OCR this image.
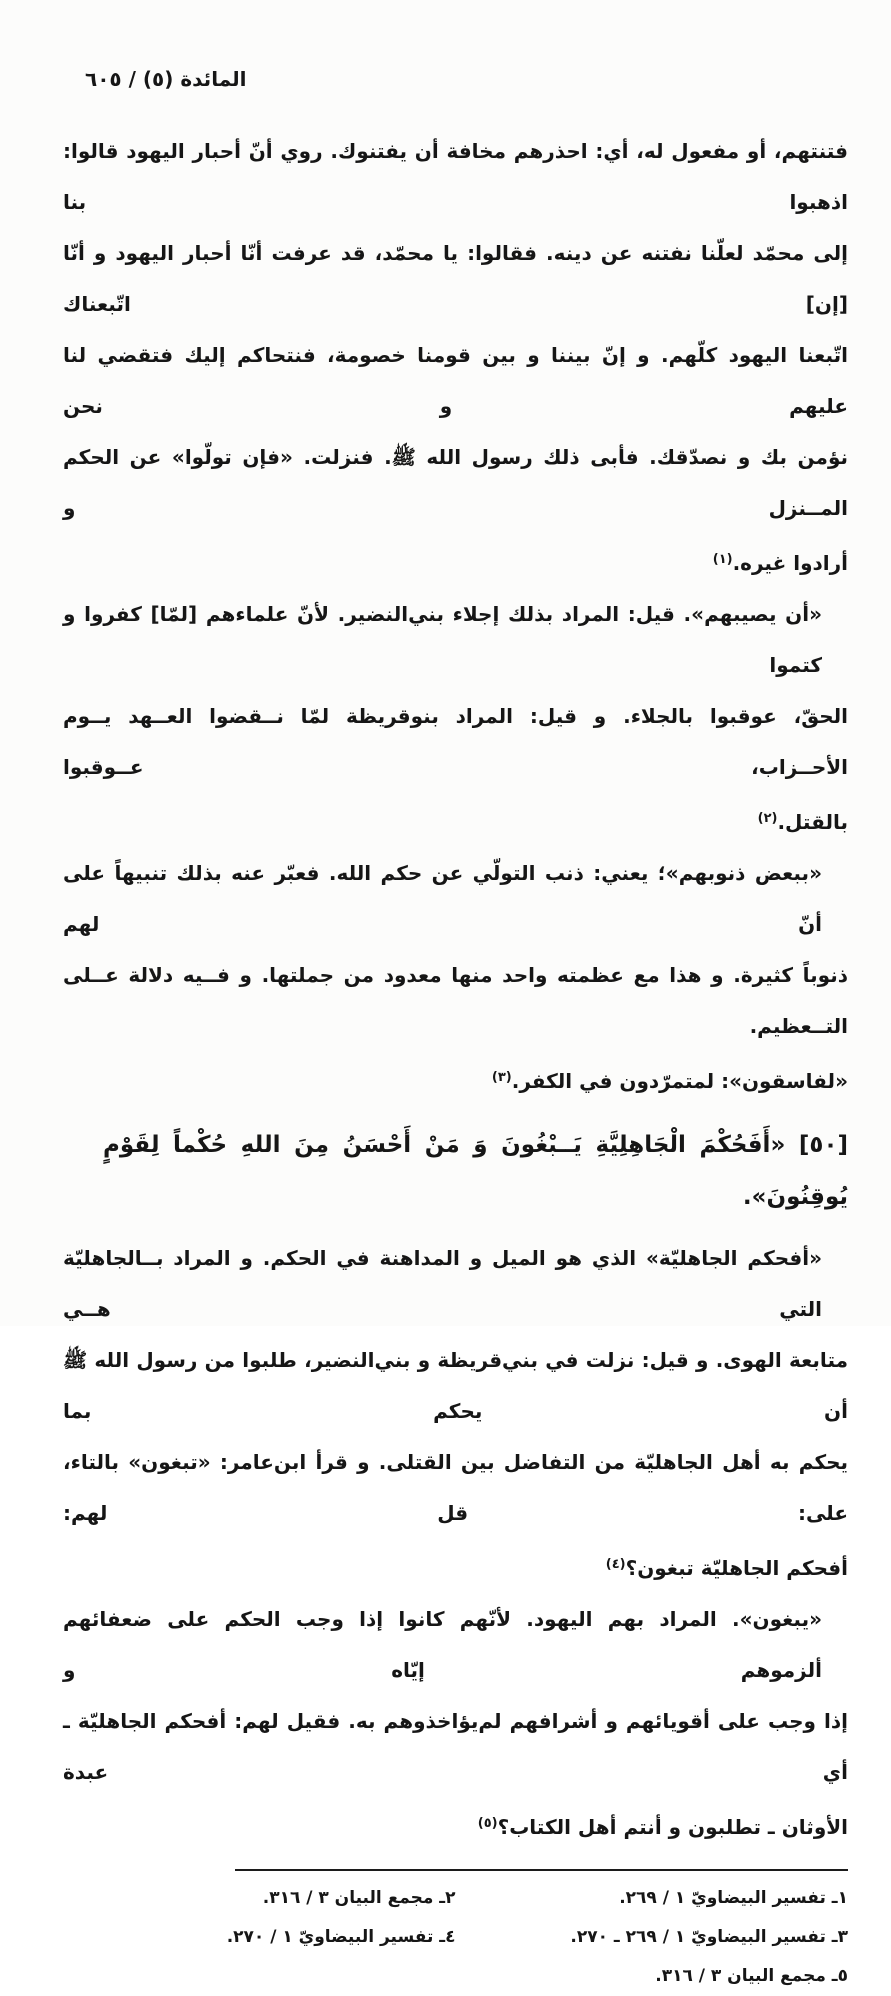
المائدة (٥) / ٦٠٥
فتنتهم، أو مفعول له، أي: احذرهم مخافة أن يفتنوك. روي أنّ أحبار اليهود قالوا: اذهبوا بنا
إلى محمّد لعلّنا نفتنه عن دينه. فقالوا: يا محمّد، قد عرفت أنّا أحبار اليهود و أنّا [إن] اتّبعناك
اتّبعنا اليهود كلّهم. و إنّ بيننا و بين قومنا خصومة، فنتحاكم إليك فتقضي لنا عليهم و نحن
نؤمن بك و نصدّقك. فأبى ذلك رسول الله ﷺ. فنزلت. «فإن تولّوا» عن الحكم المــنزل و
أرادوا غيره.$^{(١)}$
«أن يصيبهم». قيل: المراد بذلك إجلاء بني‌النضير. لأنّ علماءهم [لمّا] كفروا و كتموا
الحقّ، عوقبوا بالجلاء. و قيل: المراد بنوقريظة لمّا نــقضوا العــهد يــوم الأحــزاب، عــوقبوا
بالقتل.$^{(٢)}$
«ببعض ذنوبهم»؛ يعني: ذنب التولّي عن حكم الله. فعبّر عنه بذلك تنبيهاً على أنّ لهم
ذنوباً كثيرة. و هذا مع عظمته واحد منها معدود من جملتها. و فــيه دلالة عــلى التــعظيم.
«لفاسقون»: لمتمرّدون في الكفر.$^{(٣)}$
[٥٠] «أَفَحُكْمَ الْجَاهِلِيَّةِ يَــبْغُونَ وَ مَنْ أَحْسَنُ مِنَ اللهِ حُكْماً لِقَوْمٍ يُوقِنُونَ».
«أفحكم الجاهليّة» الذي هو الميل و المداهنة في الحكم. و المراد بــالجاهليّة التي هــي
متابعة الهوى. و قيل: نزلت في بني‌قريظة و بني‌النضير، طلبوا من رسول الله ﷺ أن يحكم بما
يحكم به أهل الجاهليّة من التفاضل بين القتلى. و قرأ ابن‌عامر: «تبغون» بالتاء، على: قل لهم:
أفحكم الجاهليّة تبغون؟$^{(٤)}$
«يبغون». المراد بهم اليهود. لأنّهم كانوا إذا وجب الحكم على ضعفائهم ألزموهم إيّاه و
إذا وجب على أقويائهم و أشرافهم لم‌يؤاخذوهم به. فقيل لهم: أفحكم الجاهليّة ـ أي عبدة
الأوثان ـ تطلبون و أنتم أهل الكتاب؟$^{(٥)}$
١ـ تفسير البيضاويّ ١ / ٢٦٩.
٢ـ مجمع البيان ٣ / ٣١٦.
٣ـ تفسير البيضاويّ ١ / ٢٦٩ ـ ٢٧٠.
٤ـ تفسير البيضاويّ ١ / ٢٧٠.
٥ـ مجمع البيان ٣ / ٣١٦.
